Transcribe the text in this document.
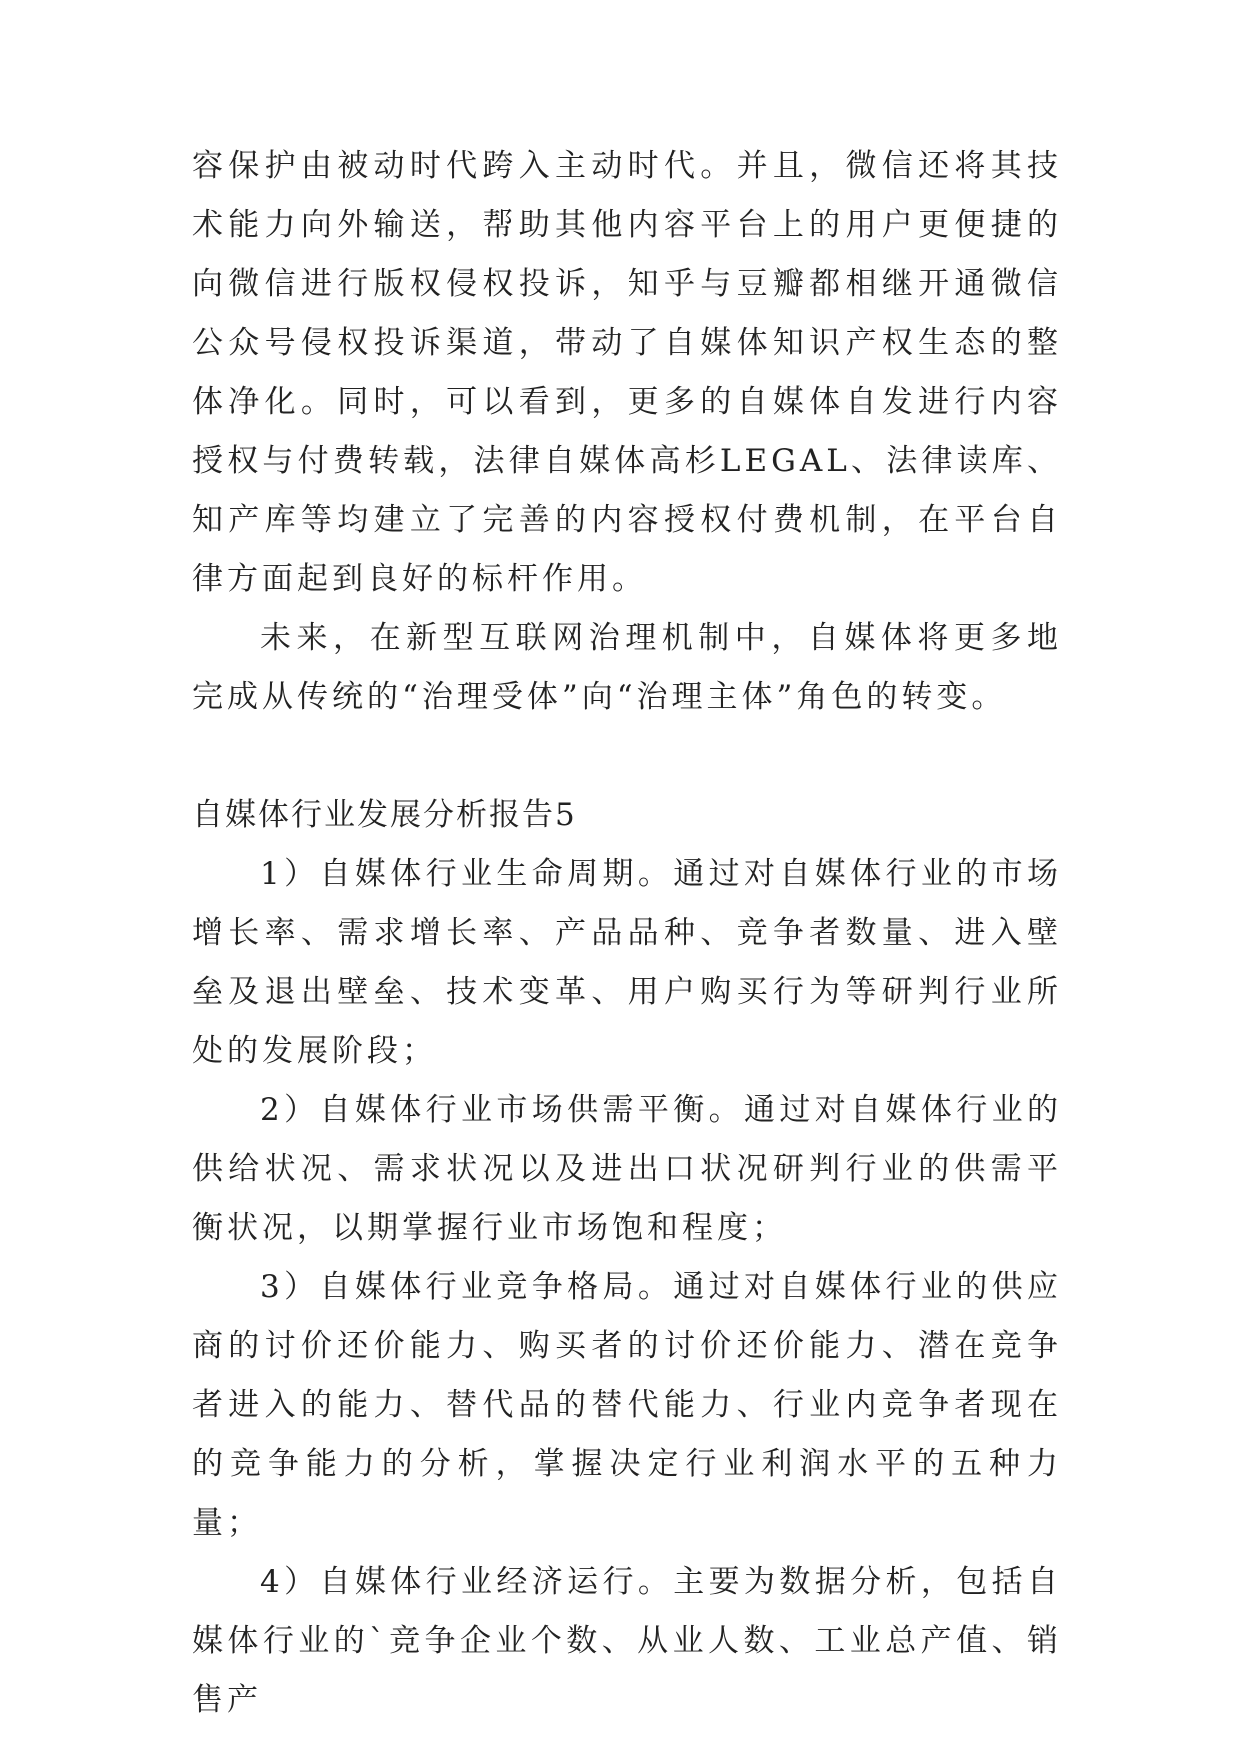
容保护由被动时代跨入主动时代。并且，微信还将其技术能力向外输送，帮助其他内容平台上的用户更便捷的向微信进行版权侵权投诉，知乎与豆瓣都相继开通微信公众号侵权投诉渠道，带动了自媒体知识产权生态的整体净化。同时，可以看到，更多的自媒体自发进行内容授权与付费转载，法律自媒体高杉LEGAL、法律读库、知产库等均建立了完善的内容授权付费机制，在平台自律方面起到良好的标杆作用。

未来，在新型互联网治理机制中，自媒体将更多地完成从传统的“治理受体”向“治理主体”角色的转变。

自媒体行业发展分析报告5

1）自媒体行业生命周期。通过对自媒体行业的市场增长率、需求增长率、产品品种、竞争者数量、进入壁垒及退出壁垒、技术变革、用户购买行为等研判行业所处的发展阶段；

2）自媒体行业市场供需平衡。通过对自媒体行业的供给状况、需求状况以及进出口状况研判行业的供需平衡状况，以期掌握行业市场饱和程度；

3）自媒体行业竞争格局。通过对自媒体行业的供应商的讨价还价能力、购买者的讨价还价能力、潜在竞争者进入的能力、替代品的替代能力、行业内竞争者现在的竞争能力的分析，掌握决定行业利润水平的五种力量；

4）自媒体行业经济运行。主要为数据分析，包括自媒体行业的`竞争企业个数、从业人数、工业总产值、销售产
